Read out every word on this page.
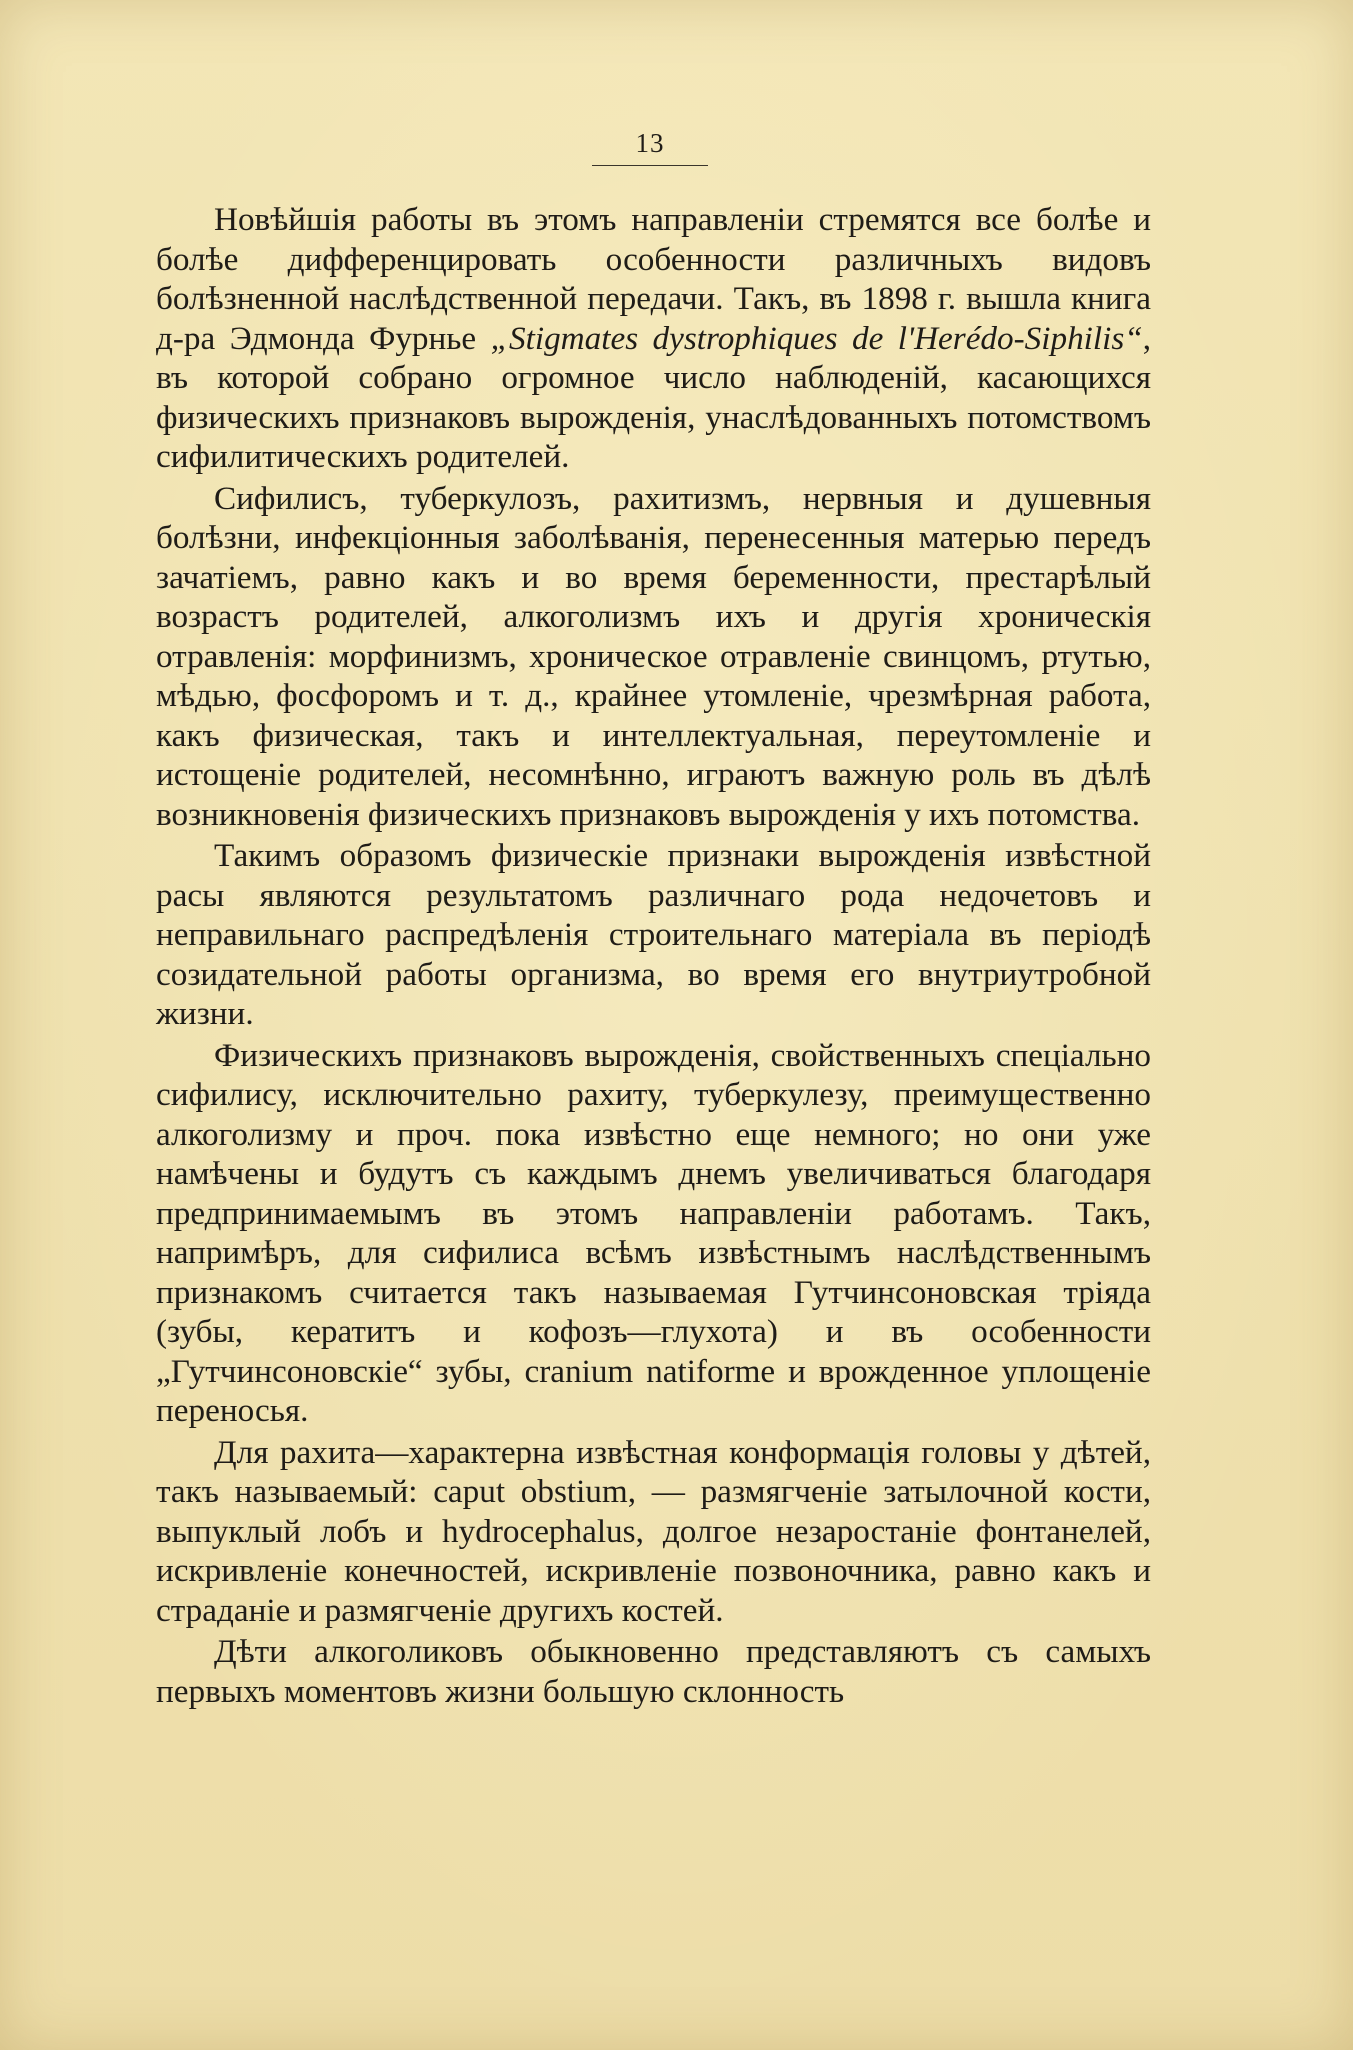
13

Новѣйшія работы въ этомъ направленіи стремятся все болѣе и болѣе дифференцировать особенности различныхъ видовъ болѣзненной наслѣдственной передачи. Такъ, въ 1898 г. вышла книга д-ра Эдмонда Фурнье „Stigmates dystrophiques de l'Herédo-Siphilis“, въ которой собрано огромное число наблюденій, касающихся физическихъ признаковъ вырожденія, унаслѣдованныхъ потомствомъ сифилитическихъ родителей.

Сифилисъ, туберкулозъ, рахитизмъ, нервныя и душевныя болѣзни, инфекціонныя заболѣванія, перенесенныя матерью передъ зачатіемъ, равно какъ и во время беременности, престарѣлый возрастъ родителей, алкоголизмъ ихъ и другія хроническія отравленія: морфинизмъ, хроническое отравленіе свинцомъ, ртутью, мѣдью, фосфоромъ и т. д., крайнее утомленіе, чрезмѣрная работа, какъ физическая, такъ и интеллектуальная, переутомленіе и истощеніе родителей, несомнѣнно, играютъ важную роль въ дѣлѣ возникновенія физическихъ признаковъ вырожденія у ихъ потомства.

Такимъ образомъ физическіе признаки вырожденія извѣстной расы являются результатомъ различнаго рода недочетовъ и неправильнаго распредѣленія строительнаго матеріала въ періодѣ созидательной работы организма, во время его внутриутробной жизни.

Физическихъ признаковъ вырожденія, свойственныхъ спеціально сифилису, исключительно рахиту, туберкулезу, преимущественно алкоголизму и проч. пока извѣстно еще немного; но они уже намѣчены и будутъ съ каждымъ днемъ увеличиваться благодаря предпринимаемымъ въ этомъ направленіи работамъ. Такъ, напримѣръ, для сифилиса всѣмъ извѣстнымъ наслѣдственнымъ признакомъ считается такъ называемая Гутчинсоновская тріяда (зубы, кератитъ и кофозъ—глухота) и въ особенности „Гутчинсоновскіе“ зубы, cranium natiforme и врожденное уплощеніе переносья.

Для рахита—характерна извѣстная конформація головы у дѣтей, такъ называемый: caput obstium, — размягченіе затылочной кости, выпуклый лобъ и hydrocephalus, долгое незаростаніе фонтанелей, искривленіе конечностей, искривленіе позвоночника, равно какъ и страданіе и размягченіе другихъ костей.

Дѣти алкоголиковъ обыкновенно представляютъ съ самыхъ первыхъ моментовъ жизни большую склонность
